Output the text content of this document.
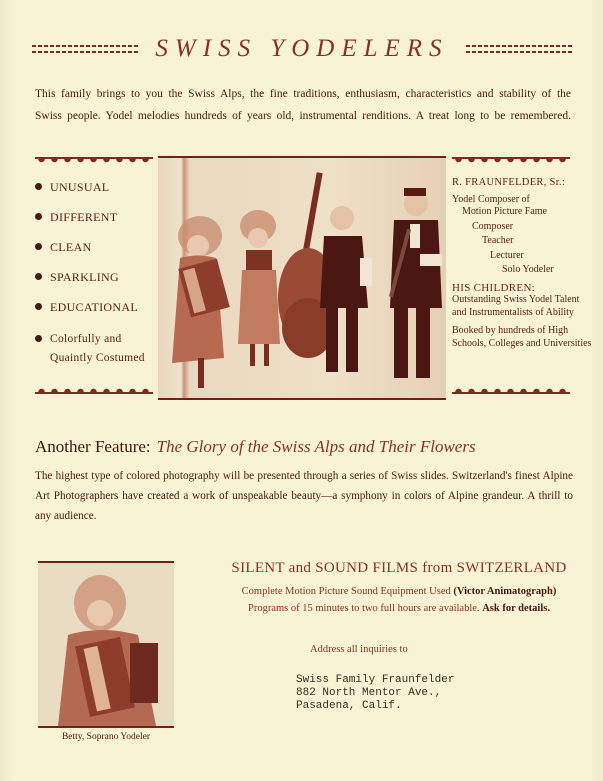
SWISS YODELERS

This family brings to you the Swiss Alps, the fine traditions, enthusiasm, characteristics and stability of the

Swiss people. Yodel melodies hundreds of years old, instrumental renditions. A treat long to be remembered.

UNUSUAL
DIFFERENT
CLEAN
SPARKLING
EDUCATIONAL
Colorfully and
Quaintly Costumed
R. FRAUNFELDER, Sr.:
Yodel Composer of
Motion Picture Fame
Composer
Teacher
Lecturer
Solo Yodeler
HIS CHILDREN:
Outstanding Swiss Yodel Talent and Instrumentalists of Ability
Booked by hundreds of High Schools, Colleges and Universities
Another Feature: The Glory of the Swiss Alps and Their Flowers

The highest type of colored photography will be presented through a series of Swiss slides. Switzerland's finest Alpine Art Photographers have created a work of unspeakable beauty—a symphony in colors of Alpine grandeur. A thrill to any audience.

Betty, Soprano Yodeler
SILENT and SOUND FILMS from SWITZERLAND
Complete Motion Picture Sound Equipment Used (Victor Animatograph)
Programs of 15 minutes to two full hours are available. Ask for details.
Address all inquiries to
Swiss Family Fraunfelder
882 North Mentor Ave.,
Pasadena, Calif.
